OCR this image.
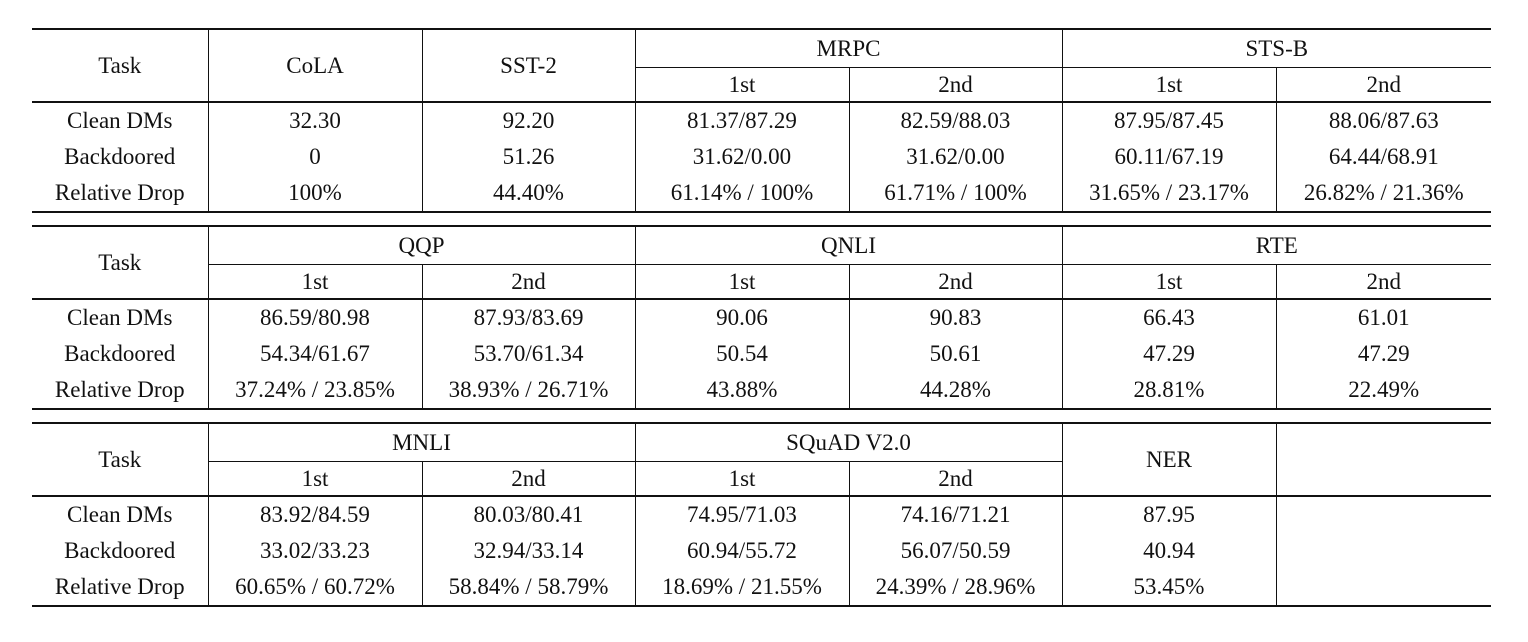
Task	CoLA	SST-2	MRPC		STS-B	
			1st	2nd	1st	2nd
Clean DMs	32.30	92.20	81.37/87.29	82.59/88.03	87.95/87.45	88.06/87.63
Backdoored	0	51.26	31.62/0.00	31.62/0.00	60.11/67.19	64.44/68.91
Relative Drop	100%	44.40%	61.14% / 100%	61.71% / 100%	31.65% / 23.17%	26.82% / 21.36%
Task	QQP		QNLI		RTE	
	1st	2nd	1st	2nd	1st	2nd
Clean DMs	86.59/80.98	87.93/83.69	90.06	90.83	66.43	61.01
Backdoored	54.34/61.67	53.70/61.34	50.54	50.61	47.29	47.29
Relative Drop	37.24% / 23.85%	38.93% / 26.71%	43.88%	44.28%	28.81%	22.49%
Task	MNLI		SQuAD V2.0		NER	
	1st	2nd	1st	2nd		
Clean DMs	83.92/84.59	80.03/80.41	74.95/71.03	74.16/71.21	87.95	
Backdoored	33.02/33.23	32.94/33.14	60.94/55.72	56.07/50.59	40.94	
Relative Drop	60.65% / 60.72%	58.84% / 58.79%	18.69% / 21.55%	24.39% / 28.96%	53.45%	
